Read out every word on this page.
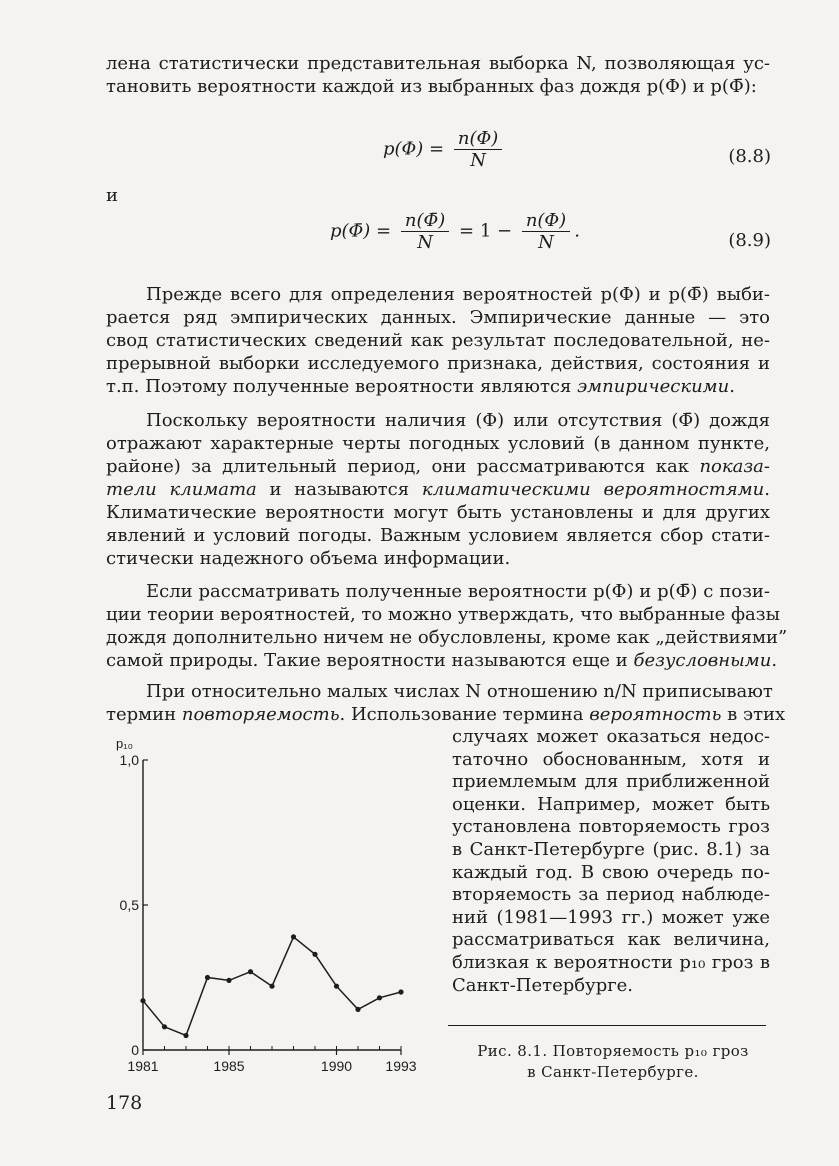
лена статистически представительная выборка N, позволяющая ус-
тановить вероятности каждой из выбранных фаз дождя p(Φ) и p(Φ̄):
$p(\Phi) = \frac{n(\Phi)}{N}$	(8.8)
и
p(Φ̄) = $\frac{n(\Phī)}{N} = 1 - \frac{n(\Phi)}{N}$ .	(8.9)
Прежде всего для определения вероятностей p(Φ) и p(Φ̄) выби-
рается ряд эмпирических данных. Эмпирические данные — это
свод статистических сведений как результат последовательной, не-
прерывной выборки исследуемого признака, действия, состояния и
т.п. Поэтому полученные вероятности являются эмпирическими.
Поскольку вероятности наличия (Φ) или отсутствия (Φ̄) дождя
отражают характерные черты погодных условий (в данном пункте,
районе) за длительный период, они рассматриваются как показа-
тели климата и называются климатическими вероятностями.
Климатические вероятности могут быть установлены и для других
явлений и условий погоды. Важным условием является сбор стати-
стически надежного объема информации.
Если рассматривать полученные вероятности p(Φ) и p(Φ̄) с пози-
ции теории вероятностей, то можно утверждать, что выбранные фазы
дождя дополнительно ничем не обусловлены, кроме как „действиями”
самой природы. Такие вероятности называются еще и безусловными.
При относительно малых числах N отношению n/N приписывают
термин повторяемость. Использование термина вероятность в этих
случаях может оказаться недос-
таточно обоснованным, хотя и
приемлемым для приближенной
оценки. Например, может быть
установлена повторяемость гроз
в Санкт-Петербурге (рис. 8.1) за
каждый год. В свою очередь по-
вторяемость за период наблюде-
ний (1981—1993 гг.) может уже
рассматриваться как величина,
близкая к вероятности p₁₀ гроз в
Санкт-Петербурге.
0
0,5
1,0
p₁₀
1981	1985	1990 1993
Рис. 8.1. Повторяемость p₁₀ гроз
в Санкт-Петербурге.
178
